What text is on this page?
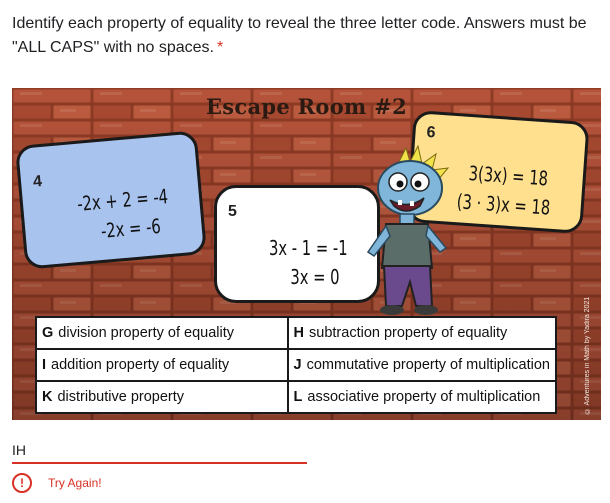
Identify each property of equality to reveal the three letter code. Answers must be "ALL CAPS" with no spaces. *
Escape Room #2
4
-2x + 2 = -4
-2x = -6
5
3x - 1 = -1
3x = 0
6
3(3x) = 18
(3 · 3)x = 18
G division property of equality	H subtraction property of equality
I addition property of equality	J commutative property of multiplication
K distributive property	L associative property of multiplication	© Adventures in Math by Yadira 2021
IH
!	Try Again!
